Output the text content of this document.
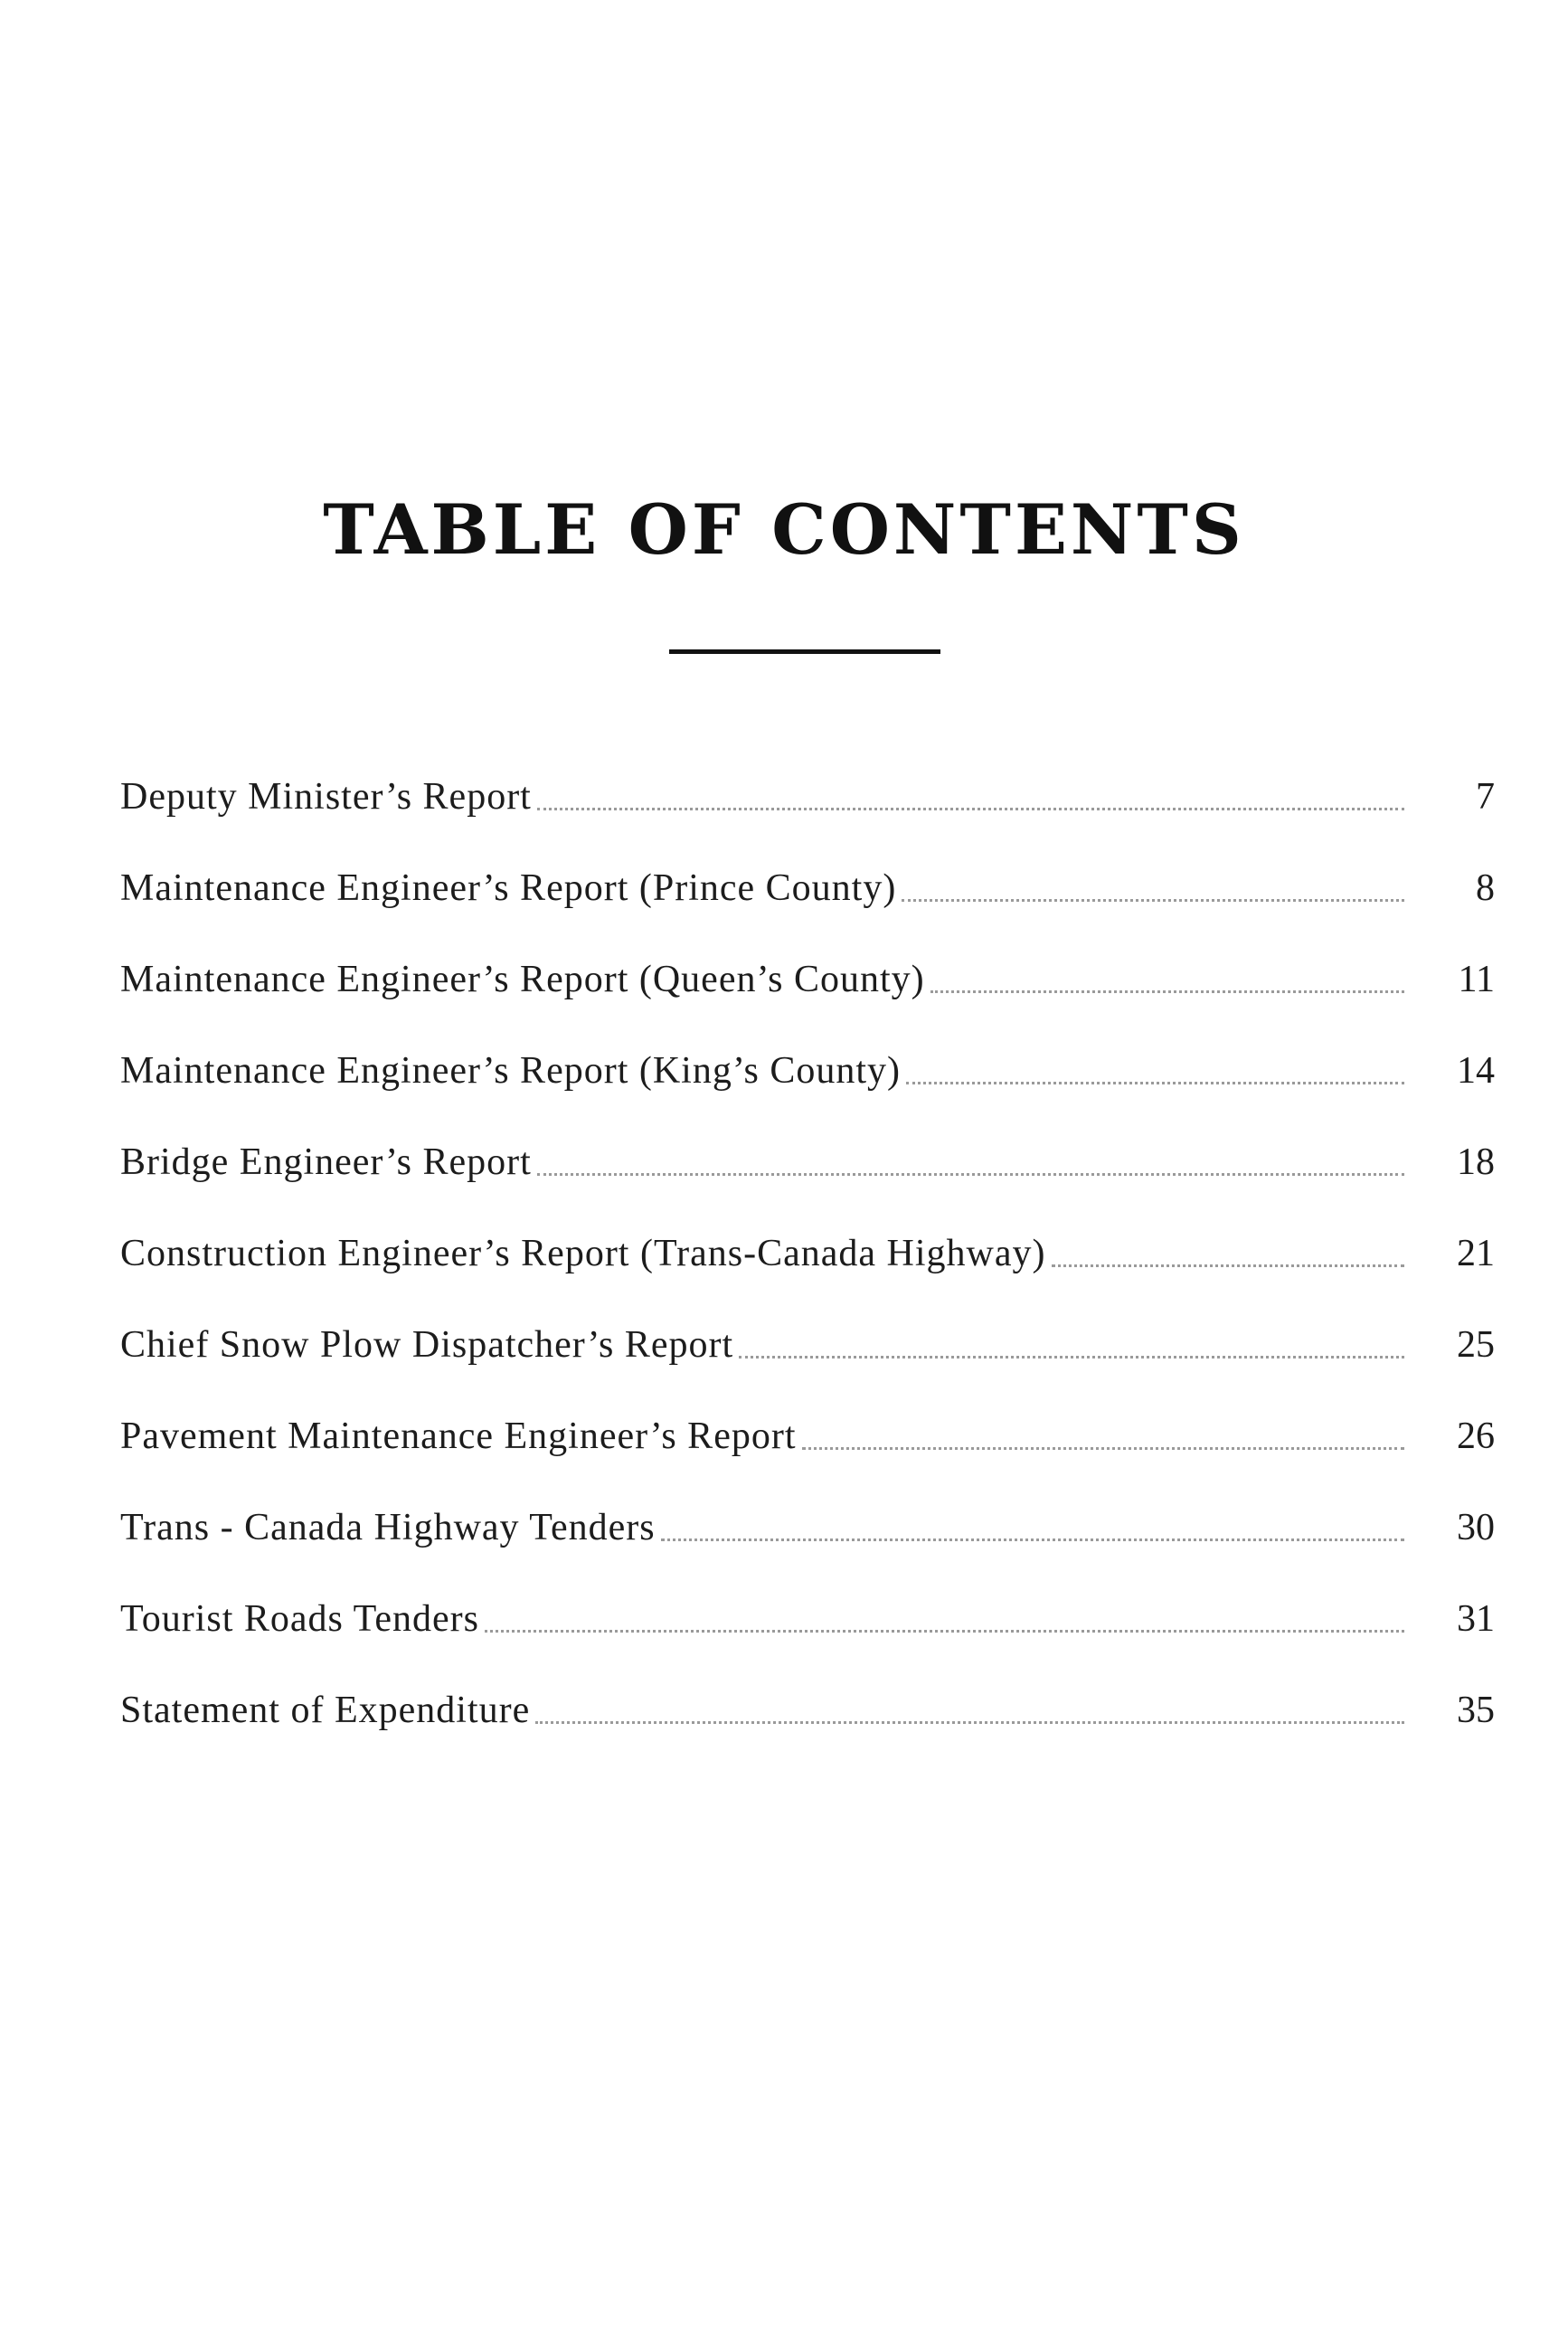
TABLE OF CONTENTS
Deputy Minister’s Report	7
Maintenance Engineer’s Report (Prince County)	8
Maintenance Engineer’s Report (Queen’s County)	11
Maintenance Engineer’s Report (King’s County)	14
Bridge Engineer’s Report	18
Construction Engineer’s Report (Trans-Canada Highway)	21
Chief Snow Plow Dispatcher’s Report	25
Pavement Maintenance Engineer’s Report	26
Trans - Canada Highway Tenders	30
Tourist Roads Tenders	31
Statement of Expenditure	35
